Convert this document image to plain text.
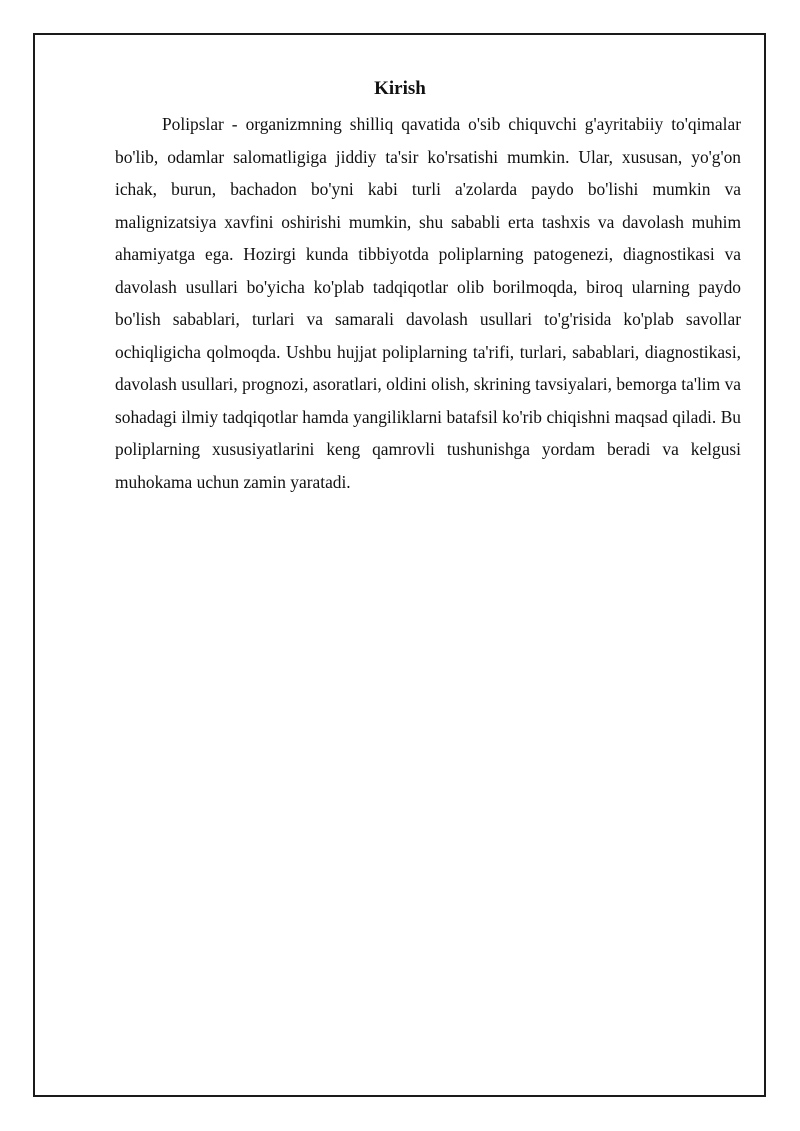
Kirish

Polipslar - organizmning shilliq qavatida o'sib chiquvchi g'ayritabiiy to'qimalar bo'lib, odamlar salomatligiga jiddiy ta'sir ko'rsatishi mumkin. Ular, xususan, yo'g'on ichak, burun, bachadon bo'yni kabi turli a'zolarda paydo bo'lishi mumkin va malignizatsiya xavfini oshirishi mumkin, shu sababli erta tashxis va davolash muhim ahamiyatga ega. Hozirgi kunda tibbiyotda poliplarning patogenezi, diagnostikasi va davolash usullari bo'yicha ko'plab tadqiqotlar olib borilmoqda, biroq ularning paydo bo'lish sabablari, turlari va samarali davolash usullari to'g'risida ko'plab savollar ochiqligicha qolmoqda. Ushbu hujjat poliplarning ta'rifi, turlari, sabablari, diagnostikasi, davolash usullari, prognozi, asoratlari, oldini olish, skrining tavsiyalari, bemorga ta'lim va sohadagi ilmiy tadqiqotlar hamda yangiliklarni batafsil ko'rib chiqishni maqsad qiladi. Bu poliplarning xususiyatlarini keng qamrovli tushunishga yordam beradi va kelgusi muhokama uchun zamin yaratadi.
